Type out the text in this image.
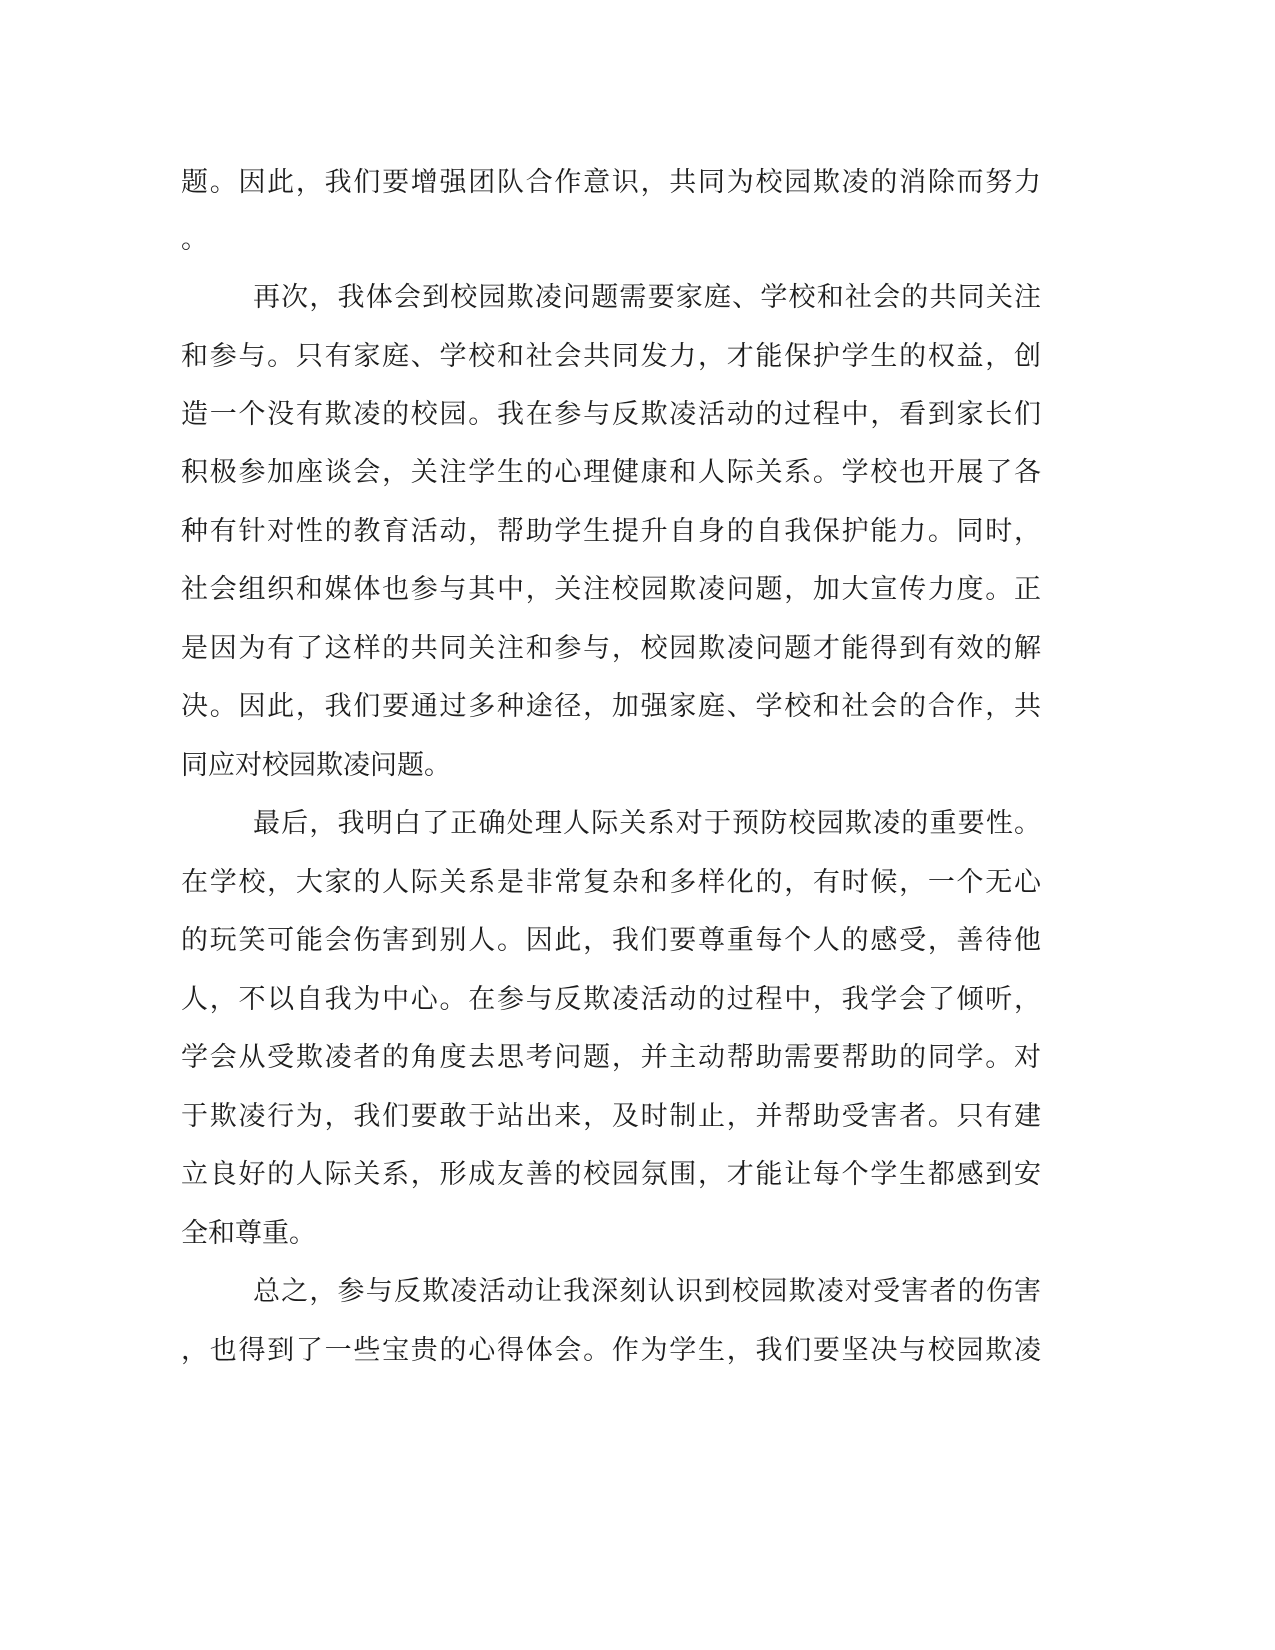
题。因此，我们要增强团队合作意识，共同为校园欺凌的消除而努力
。
再次，我体会到校园欺凌问题需要家庭、学校和社会的共同关注
和参与。只有家庭、学校和社会共同发力，才能保护学生的权益，创
造一个没有欺凌的校园。我在参与反欺凌活动的过程中，看到家长们
积极参加座谈会，关注学生的心理健康和人际关系。学校也开展了各
种有针对性的教育活动，帮助学生提升自身的自我保护能力。同时，
社会组织和媒体也参与其中，关注校园欺凌问题，加大宣传力度。正
是因为有了这样的共同关注和参与，校园欺凌问题才能得到有效的解
决。因此，我们要通过多种途径，加强家庭、学校和社会的合作，共
同应对校园欺凌问题。
最后，我明白了正确处理人际关系对于预防校园欺凌的重要性。
在学校，大家的人际关系是非常复杂和多样化的，有时候，一个无心
的玩笑可能会伤害到别人。因此，我们要尊重每个人的感受，善待他
人，不以自我为中心。在参与反欺凌活动的过程中，我学会了倾听，
学会从受欺凌者的角度去思考问题，并主动帮助需要帮助的同学。对
于欺凌行为，我们要敢于站出来，及时制止，并帮助受害者。只有建
立良好的人际关系，形成友善的校园氛围，才能让每个学生都感到安
全和尊重。
总之，参与反欺凌活动让我深刻认识到校园欺凌对受害者的伤害
，也得到了一些宝贵的心得体会。作为学生，我们要坚决与校园欺凌
